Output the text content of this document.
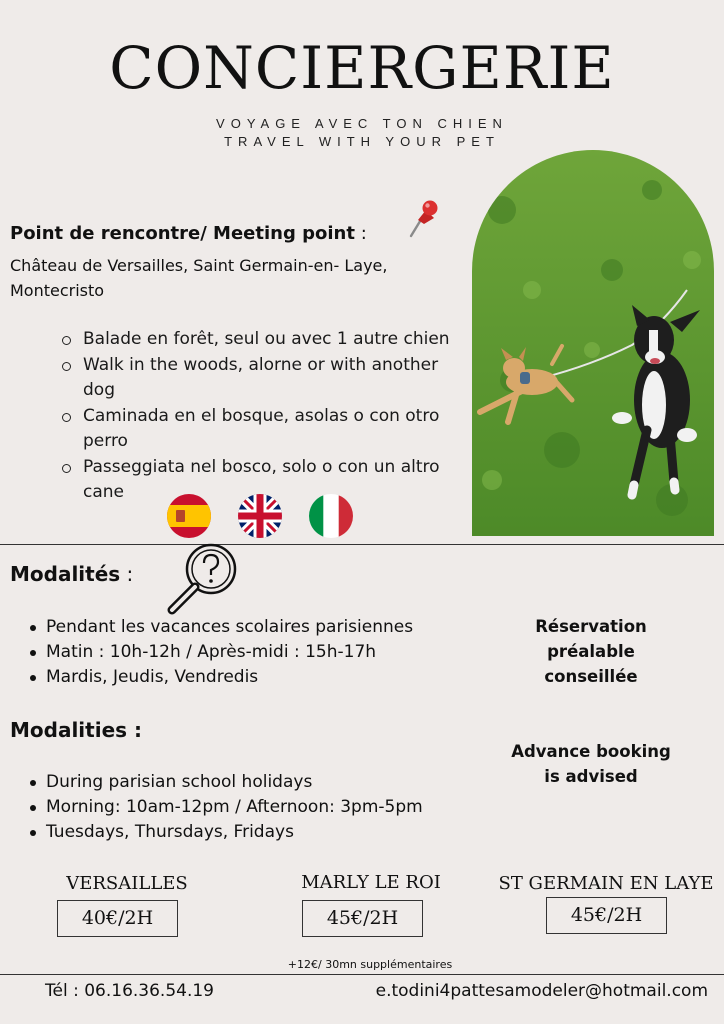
CONCIERGERIE
VOYAGE AVEC TON CHIEN
TRAVEL WITH YOUR PET
Point de rencontre/ Meeting point :
Château de Versailles, Saint Germain-en- Laye, Montecristo
Balade en forêt, seul ou avec 1 autre chien
Walk in the woods, alorne or with another dog
Caminada en el bosque, asolas o con otro perro
Passeggiata nel bosco, solo o con un altro cane
Modalités :
Pendant les vacances scolaires parisiennes
Matin : 10h-12h / Après-midi : 15h-17h
Mardis, Jeudis, Vendredis
Réservation
préalable
conseillée
Modalities :
Advance booking
is advised
During parisian school holidays
Morning: 10am-12pm / Afternoon: 3pm-5pm
Tuesdays, Thursdays, Fridays
VERSAILLES
40€/2H
MARLY LE ROI
45€/2H
ST GERMAIN EN LAYE
45€/2H
+12€/ 30mn supplémentaires
Tél : 06.16.36.54.19	e.todini4pattesamodeler@hotmail.com
